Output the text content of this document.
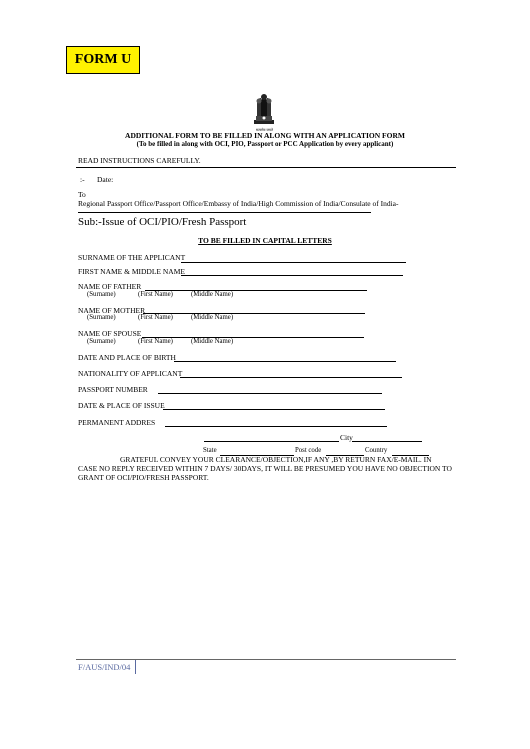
FORM U
सत्यमेव जयते
ADDITIONAL FORM TO BE FILLED IN ALONG WITH AN APPLICATION FORM
(To be filled in along with OCI, PIO, Passport or PCC Application by every applicant)
READ INSTRUCTIONS CAREFULLY.
:- Date:
To
Regional Passport Office/Passport Office/Embassy of India/High Commission of India/Consulate of India-
Sub:-Issue of OCI/PIO/Fresh Passport
TO BE FILLED IN CAPITAL LETTERS
SURNAME OF THE APPLICANT
FIRST NAME & MIDDLE NAME
NAME OF FATHER
(Surname)	(First Name)	(Middle Name)
NAME OF MOTHER
(Surname)	(First Name)	(Middle Name)
NAME OF SPOUSE
(Surname)	(First Name)	(Middle Name)
DATE AND PLACE OF BIRTH
NATIONALITY OF APPLICANT
PASSPORT NUMBER
DATE & PLACE OF ISSUE
PERMANENT ADDRES
City
State	Post code	Country
GRATEFUL CONVEY YOUR CLEARANCE/OBJECTION,IF ANY ,BY RETURN FAX/E-MAIL. IN
CASE NO REPLY RECEIVED WITHIN 7 DAYS/ 30DAYS, IT WILL BE PRESUMED YOU HAVE NO OBJECTION TO
GRANT OF OCI/PIO/FRESH PASSPORT.
F/AUS/IND/04
